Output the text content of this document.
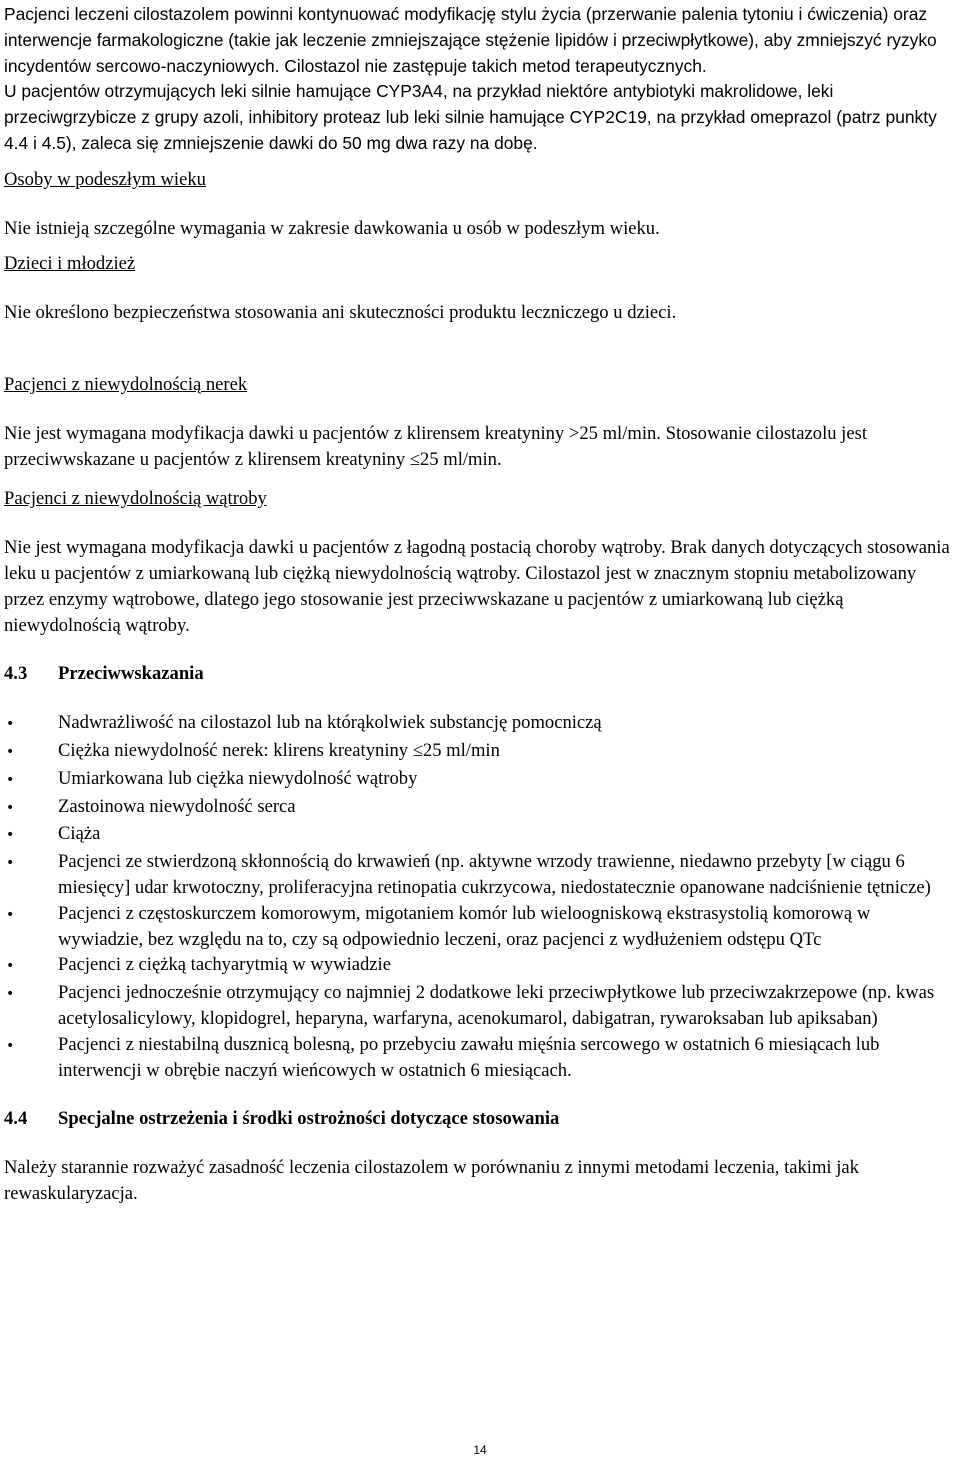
Pacjenci leczeni cilostazolem powinni kontynuować modyfikację stylu życia (przerwanie palenia tytoniu i ćwiczenia) oraz interwencje farmakologiczne (takie jak leczenie zmniejszające stężenie lipidów i przeciwpłytkowe), aby zmniejszyć ryzyko incydentów sercowo-naczyniowych. Cilostazol nie zastępuje takich metod terapeutycznych.

U pacjentów otrzymujących leki silnie hamujące CYP3A4, na przykład niektóre antybiotyki makrolidowe, leki przeciwgrzybicze z grupy azoli, inhibitory proteaz lub leki silnie hamujące CYP2C19, na przykład omeprazol (patrz punkty 4.4 i 4.5), zaleca się zmniejszenie dawki do 50 mg dwa razy na dobę.

Osoby w podeszłym wieku

Nie istnieją szczególne wymagania w zakresie dawkowania u osób w podeszłym wieku.

Dzieci i młodzież

Nie określono bezpieczeństwa stosowania ani skuteczności produktu leczniczego u dzieci.

Pacjenci z niewydolnością nerek

Nie jest wymagana modyfikacja dawki u pacjentów z klirensem kreatyniny >25 ml/min. Stosowanie cilostazolu jest przeciwwskazane u pacjentów z klirensem kreatyniny ≤25 ml/min.

Pacjenci z niewydolnością wątroby

Nie jest wymagana modyfikacja dawki u pacjentów z łagodną postacią choroby wątroby. Brak danych dotyczących stosowania leku u pacjentów z umiarkowaną lub ciężką niewydolnością wątroby. Cilostazol jest w znacznym stopniu metabolizowany przez enzymy wątrobowe, dlatego jego stosowanie jest przeciwwskazane u pacjentów z umiarkowaną lub ciężką niewydolnością wątroby.

4.3	Przeciwwskazania

•
Nadwrażliwość na cilostazol lub na którąkolwiek substancję pomocniczą
•
Ciężka niewydolność nerek: klirens kreatyniny ≤25 ml/min
•
Umiarkowana lub ciężka niewydolność wątroby
•
Zastoinowa niewydolność serca
•
Ciąża
•
Pacjenci ze stwierdzoną skłonnością do krwawień (np. aktywne wrzody trawienne, niedawno przebyty [w ciągu 6 miesięcy] udar krwotoczny, proliferacyjna retinopatia cukrzycowa, niedostatecznie opanowane nadciśnienie tętnicze)
•
Pacjenci z częstoskurczem komorowym, migotaniem komór lub wieloogniskową ekstrasystolią komorową w wywiadzie, bez względu na to, czy są odpowiednio leczeni, oraz pacjenci z wydłużeniem odstępu QTc
•
Pacjenci z ciężką tachyarytmią w wywiadzie
•
Pacjenci jednocześnie otrzymujący co najmniej 2 dodatkowe leki przeciwpłytkowe lub przeciwzakrzepowe (np. kwas acetylosalicylowy, klopidogrel, heparyna, warfaryna, acenokumarol, dabigatran, rywaroksaban lub apiksaban)
•
Pacjenci z niestabilną dusznicą bolesną, po przebyciu zawału mięśnia sercowego w ostatnich 6 miesiącach lub interwencji w obrębie naczyń wieńcowych w ostatnich 6 miesiącach.

4.4	Specjalne ostrzeżenia i środki ostrożności dotyczące stosowania

Należy starannie rozważyć zasadność leczenia cilostazolem w porównaniu z innymi metodami leczenia, takimi jak rewaskularyzacja.

14
